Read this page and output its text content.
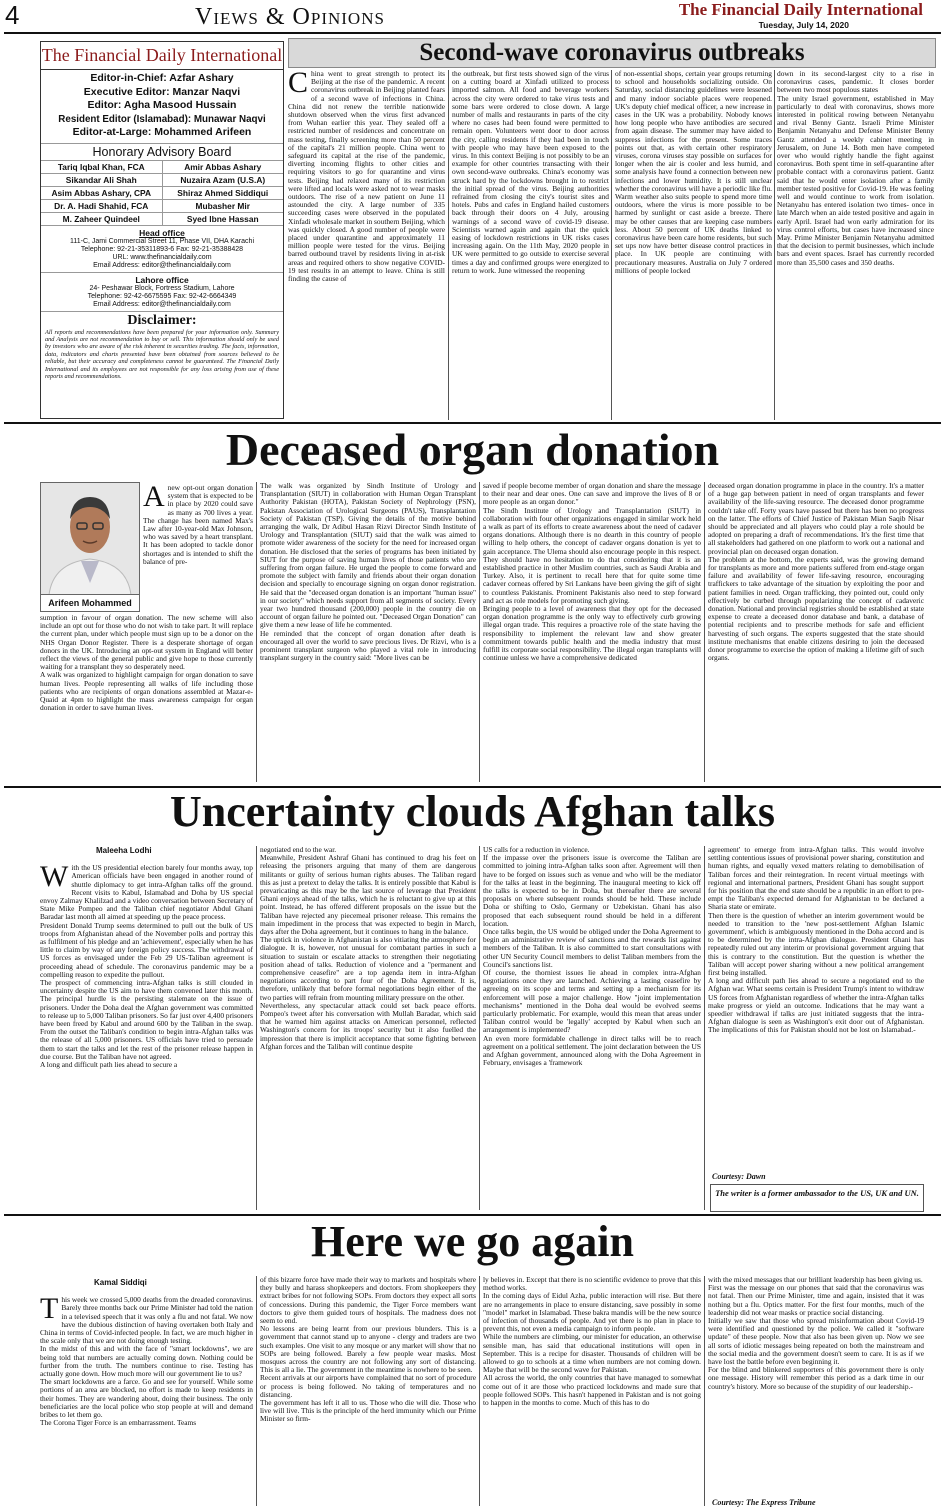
4	Views & Opinions	The Financial Daily International
Tuesday, July 14, 2020
The Financial Daily International
Editor-in-Chief: Azfar Ashary
Executive Editor: Manzar Naqvi
Editor: Agha Masood Hussain
Resident Editor (Islamabad): Munawar Naqvi
Editor-at-Large: Mohammed Arifeen
Honorary Advisory Board
Tariq Iqbal Khan, FCA
Sikandar Ali Shah
Asim Abbas Ashary, CPA
Dr. A. Hadi Shahid, FCA
M. Zaheer Quindeel
Amir Abbas Ashary
Nuzaira Azam (U.S.A)
Shiraz Ahmed Siddiqui
Mubasher Mir
Syed Ibne Hassan
Head office
111-C, Jami Commercial Street 11, Phase VII, DHA Karachi
Telephone: 92-21-35311893-6 Fax: 92-21-35388428
URL: www.thefinancialdaily.com
Email Address: editor@thefinancialdaily.com
Lahore office
24- Peshawar Block, Fortress Stadium, Lahore
Telephone: 92-42-6675595 Fax: 92-42-6664349
Email Address: editor@thefinancialdaily.com
Disclaimer:
All reports and recommendations have been prepared for your information only. Summary and Analysis are not recommendation to buy or sell. This information should only be used by investors who are aware of the risk inherent in securities trading. The facts, information, data, indicators and charts presented have been obtained from sources believed to be reliable, but their accuracy and completeness cannot be guaranteed. The Financial Daily International and its employees are not responsible for any loss arising from use of these reports and recommendations.
Second-wave coronavirus outbreaks
China went to great strength to protect its Beijing at the rise of the pandemic. A recent coronavirus outbreak in Beijing planted fears of a second wave of infections in China. China did not renew the terrible nationwide shutdown observed when the virus first advanced from Wuhan earlier this year. They sealed off a restricted number of residences and concentrate on mass testing, finally screening more than 50 percent of the capital's 21 million people. China went to safeguard its capital at the rise of the pandemic, diverting incoming flights to other cities and requiring visitors to go for quarantine and virus tests. Beijing had relaxed many of its restriction were lifted and locals were asked not to wear masks outdoors. The rise of a new patient on June 11 astounded the city. A large number of 335 succeeding cases were observed in the populated Xinfadi wholesale market in southern Beijing, which was quickly closed. A good number of people were placed under quarantine and approximately 11 million people were tested for the virus. Beijing barred outbound travel by residents living in at-risk areas and required others to show negative COVID-19 test results in an attempt to leave. China is still finding the cause of
the outbreak, but first tests showed sign of the virus on a cutting board at Xinfadi utilized to process imported salmon. All food and beverage workers across the city were ordered to take virus tests and some bars were ordered to close down. A large number of malls and restaurants in parts of the city where no cases had been found were permitted to remain open. Volunteers went door to door across the city, calling residents if they had been in touch with people who may have been exposed to the virus. In this context Beijing is not possibly to be an example for other countries transacting with their own second-wave outbreaks. China's economy was struck hard by the lockdowns brought in to restrict the initial spread of the virus. Beijing authorities refrained from closing the city's tourist sites and hotels. Pubs and cafes in England hailed customers back through their doors on 4 July, arousing warnings of a second wave of covid-19 disease. Scientists warned again and again that the quick easing of lockdown restrictions in UK risks cases increasing again. On the 11th May, 2020 people in UK were permitted to go outside to exercise several times a day and confirmed groups were energized to return to work. June witnessed the reopening
of non-essential shops, certain year groups returning to school and households socializing outside. On Saturday, social distancing guidelines were lessened and many indoor sociable places were reopened. UK's deputy chief medical officer, a new increase in cases in the UK was a probability. Nobody knows how long people who have antibodies are secured from again disease. The summer may have aided to suppress infections for the present. Some traces points out that, as with certain other respiratory viruses, corona viruses stay possible on surfaces for longer when the air is cooler and less humid, and some analysis have found a connection between new infections and lower humidity. It is still unclear whether the coronavirus will have a periodic like flu. Warm weather also suits people to spend more time outdoors, where the virus is more possible to be harmed by sunlight or cast aside a breeze. There may be other causes that are keeping case numbers less. About 50 percent of UK deaths linked to coronavirus have been care home residents, but such set ups now have better disease control practices in place. In UK people are continuing with precautionary measures. Australia on July 7 ordered millions of people locked
down in its second-largest city to a rise in coronavirus cases, pandemic. It closes border between two most populous states
The unity Israel government, established in May particularly to deal with coronavirus, shows more interested in political rowing between Netanyahu and rival Benny Gantz. Israeli Prime Minister Benjamin Netanyahu and Defense Minister Benny Gantz attended a weekly cabinet meeting in Jerusalem, on June 14. Both men have competed over who would rightly handle the fight against coronavirus. Both spent time in self-quarantine after probable contact with a coronavirus patient. Gantz said that he would enter isolation after a family member tested positive for Covid-19. He was feeling well and would continue to work from isolation. Netanyahu has entered isolation two times- once in late March when an aide tested positive and again in early April. Israel had won early admiration for its virus control efforts, but cases have increased since May. Prime Minister Benjamin Netanyahu admitted that the decision to permit businesses, which include bars and event spaces. Israel has currently recorded more than 35,500 cases and 350 deaths.
Deceased organ donation
Arifeen Mohammed
Anew opt-out organ donation system that is expected to be in place by 2020 could save as many as 700 lives a year. The change has been named Max's Law after 10-year-old Max Johnson, who was saved by a heart transplant. It has been adopted to tackle donor shortages and is intended to shift the balance of pre-
sumption in favour of organ donation. The new scheme will also include an opt out for those who do not wish to take part. It will replace the current plan, under which people must sign up to be a donor on the NHS Organ Donor Register. There is a desperate shortage of organ donors in the UK. Introducing an opt-out system in England will better reflect the views of the general public and give hope to those currently waiting for a transplant they so desperately need.
A walk was organized to highlight campaign for organ donation to save human lives. People representing all walks of life including those patients who are recipients of organ donations assembled at Mazar-e-Quaid at 4pm to highlight the mass awareness campaign for organ donation in order to save human lives.
The walk was organized by Sindh Institute of Urology and Transplantation (SIUT) in collaboration with Human Organ Transplant Authority Pakistan (HOTA), Pakistan Society of Nephrology (PSN), Pakistan Association of Urological Surgeons (PAUS), Transplantation Society of Pakistan (TSP). Giving the details of the motive behind arranging the walk, Dr Adibul Hasan Rizvi Director Sindh Institute of Urology and Transplantation (SIUT) said that the walk was aimed to promote wider awareness of the society for the need for increased organ donation. He disclosed that the series of programs has been initiated by SIUT for the purpose of saving human lives of those patients who are suffering from organ failure. He urged the people to come forward and promote the subject with family and friends about their organ donation decision and specially to encourage signing on organ donor registration. He said that the "deceased organ donation is an important "human issue" in our society" which needs support from all segments of society. Every year two hundred thousand (200,000) people in the country die on account of organ failure he pointed out. "Deceased Organ Donation" can give them a new lease of life he commented.
He reminded that the concept of organ donation after death is encouraged all over the world to save precious lives. Dr Rizvi, who is a prominent transplant surgeon who played a vital role in introducing transplant surgery in the country said: "More lives can be
saved if people become member of organ donation and share the message to their near and dear ones. One can save and improve the lives of 8 or more people as an organ donor."
The Sindh Institute of Urology and Transplantation (SIUT) in collaboration with four other organizations engaged in similar work held a walk as part of its efforts to create awareness about the need of cadaver organs donations. Although there is no dearth in this country of people willing to help others, the concept of cadaver organs donation is yet to gain acceptance. The Ulema should also encourage people in this respect. They should have no hesitation to do that considering that it is an established practice in other Muslim countries, such as Saudi Arabia and Turkey. Also, it is pertinent to recall here that for quite some time cadaver corneas offered by Sri Lankans have been giving the gift of sight to countless Pakistanis. Prominent Pakistanis also need to step forward and act as role models for promoting such giving.
Bringing people to a level of awareness that they opt for the deceased organ donation programme is the only way to effectively curb growing illegal organ trade. This requires a proactive role of the state having the responsibility to implement the relevant law and show greater commitment towards public health and the media industry that must fulfill its corporate social responsibility. The illegal organ transplants will continue unless we have a comprehensive dedicated
deceased organ donation programme in place in the country. It's a matter of a huge gap between patient in need of organ transplants and fewer availability of the life-saving resource. The deceased donor programme couldn't take off. Forty years have passed but there has been no progress on the latter. The efforts of Chief Justice of Pakistan Mian Saqib Nisar should be appreciated and all players who could play a role should be adopted on preparing a draft of recommendations. It's the first time that all stakeholders had gathered on one platform to work out a national and provincial plan on deceased organ donation.
The problem at the bottom, the experts said, was the growing demand for transplants as more and more patients suffered from end-stage organ failure and availability of fewer life-saving resource, encouraging traffickers to take advantage of the situation by exploiting the poor and patient families in need. Organ trafficking, they pointed out, could only effectively be curbed through popularizing the concept of cadaveric donation. National and provincial registries should be established at state expense to create a deceased donor database and bank, a database of potential recipients and to prescribe methods for safe and efficient harvesting of such organs. The experts suggested that the state should institute mechanisms that enable citizens desiring to join the deceased donor programme to exercise the option of making a lifetime gift of such organs.
Uncertainty clouds Afghan talks
Maleeha Lodhi

With the US presidential election barely four months away, top American officials have been engaged in another round of shuttle diplomacy to get intra-Afghan talks off the ground. Recent visits to Kabul, Islamabad and Doha by US special envoy Zalmay Khalilzad and a video conversation between Secretary of State Mike Pompeo and the Taliban chief negotiator Abdul Ghani Baradar last month all aimed at speeding up the peace process.
President Donald Trump seems determined to pull out the bulk of US troops from Afghanistan ahead of the November polls and portray this as fulfilment of his pledge and an 'achievement', especially when he has little to claim by way of any foreign policy success. The withdrawal of US forces as envisaged under the Feb 29 US-Taliban agreement is proceeding ahead of schedule. The coronavirus pandemic may be a compelling reason to expedite the pullout.
The prospect of commencing intra-Afghan talks is still clouded in uncertainty despite the US aim to have them convened later this month. The principal hurdle is the persisting stalemate on the issue of prisoners. Under the Doha deal the Afghan government was committed to release up to 5,000 Taliban prisoners. So far just over 4,400 prisoners have been freed by Kabul and around 600 by the Taliban in the swap. From the outset the Taliban's condition to begin intra-Afghan talks was the release of all 5,000 prisoners. US officials have tried to persuade them to start the talks and let the rest of the prisoner release happen in due course. But the Taliban have not agreed.
A long and difficult path lies ahead to secure a

negotiated end to the war.
Meanwhile, President Ashraf Ghani has continued to drag his feet on releasing the prisoners arguing that many of them are dangerous militants or guilty of serious human rights abuses. The Taliban regard this as just a pretext to delay the talks. It is entirely possible that Kabul is prevaricating as this may be the last source of leverage that President Ghani enjoys ahead of the talks, which he is reluctant to give up at this point. Instead, he has offered different proposals on the issue but the Taliban have rejected any piecemeal prisoner release. This remains the main impediment in the process that was expected to begin in March, days after the Doha agreement, but it continues to hang in the balance.
The uptick in violence in Afghanistan is also vitiating the atmosphere for dialogue. It is, however, not unusual for combatant parties in such a situation to sustain or escalate attacks to strengthen their negotiating position ahead of talks. Reduction of violence and a "permanent and comprehensive ceasefire" are a top agenda item in intra-Afghan negotiations according to part four of the Doha Agreement. It is, therefore, unlikely that before formal negotiations begin either of the two parties will refrain from mounting military pressure on the other.
Nevertheless, any spectacular attack could set back peace efforts. Pompeo's tweet after his conversation with Mullah Baradar, which said that he warned him against attacks on American personnel, reflected Washington's concern for its troops' security but it also fuelled the impression that there is implicit acceptance that some fighting between Afghan forces and the Taliban will continue despite
US calls for a reduction in violence.
If the impasse over the prisoners issue is overcome the Taliban are committed to joining intra-Afghan talks soon after. Agreement will then have to be forged on issues such as venue and who will be the mediator for the talks at least in the beginning. The inaugural meeting to kick off the talks is expected to be in Doha, but thereafter there are several proposals on where subsequent rounds should be held. These include Doha or shifting to Oslo, Germany or Uzbekistan. Ghani has also proposed that each subsequent round should be held in a different location.
Once talks begin, the US would be obliged under the Doha Agreement to begin an administrative review of sanctions and the rewards list against members of the Taliban. It is also committed to start consultations with other UN Security Council members to delist Taliban members from the Council's sanctions list.
Of course, the thorniest issues lie ahead in complex intra-Afghan negotiations once they are launched. Achieving a lasting ceasefire by agreeing on its scope and terms and setting up a mechanism for its enforcement will pose a major challenge. How "joint implementation mechanisms" mentioned in the Doha deal would be evolved seems particularly problematic. For example, would this mean that areas under Taliban control would be 'legally' accepted by Kabul when such an arrangement is implemented?
An even more formidable challenge in direct talks will be to reach agreement on a political settlement. The joint declaration between the US and Afghan government, announced along with the Doha Agreement in February, envisages a 'framework
agreement' to emerge from intra-Afghan talks. This would involve settling contentious issues of provisional power sharing, constitution and human rights, and equally vexed matters relating to demobilisation of Taliban forces and their reintegration. In recent virtual meetings with regional and international partners, President Ghani has sought support for his position that the end state should be a republic in an effort to pre-empt the Taliban's expected demand for Afghanistan to be declared a Sharia state or emirate.
Then there is the question of whether an interim government would be needed to transition to the 'new post-settlement Afghan Islamic government', which is ambiguously mentioned in the Doha accord and is to be determined by the intra-Afghan dialogue. President Ghani has repeatedly ruled out any interim or provisional government arguing that this is contrary to the constitution. But the question is whether the Taliban will accept power sharing without a new political arrangement first being installed.
A long and difficult path lies ahead to secure a negotiated end to the Afghan war. What seems certain is President Trump's intent to withdraw US forces from Afghanistan regardless of whether the intra-Afghan talks make progress or yield an outcome. Indications that he may want a speedier withdrawal if talks are just initiated suggests that the intra-Afghan dialogue is seen as Washington's exit door out of Afghanistan. The implications of this for Pakistan should not be lost on Islamabad.-
Courtesy: Dawn
The writer is a former ambassador to the US, UK and UN.
Here we go again
Kamal Siddiqi

This week we crossed 5,000 deaths from the dreaded coronavirus. Barely three months back our Prime Minister had told the nation in a televised speech that it was only a flu and not fatal. We now have the dubious distinction of having overtaken both Italy and China in terms of Covid-infected people. In fact, we are much higher in the scale only that we are not doing enough testing.
In the midst of this and with the face of "smart lockdowns", we are being told that numbers are actually coming down. Nothing could be further from the truth. The numbers continue to rise. Testing has actually gone down. How much more will our government lie to us?
The smart lockdowns are a farce. Go and see for yourself. While some portions of an area are blocked, no effort is made to keep residents in their homes. They are wandering about, doing their business. The only beneficiaries are the local police who stop people at will and demand bribes to let them go.
The Corona Tiger Force is an embarrassment. Teams

of this bizarre force have made their way to markets and hospitals where they bully and harass shopkeepers and doctors. From shopkeepers they extract bribes for not following SOPs. From doctors they expect all sorts of concessions. During this pandemic, the Tiger Force members want doctors to give them guided tours of hospitals. The madness does not seem to end.
No lessons are being learnt from our previous blunders. This is a government that cannot stand up to anyone - clergy and traders are two such examples. One visit to any mosque or any market will show that no SOPs are being followed. Barely a few people wear masks. Most mosques across the country are not following any sort of distancing. This is all a lie. The government in the meantime is nowhere to be seen.
Recent arrivals at our airports have complained that no sort of procedure or process is being followed. No taking of temperatures and no distancing.
The government has left it all to us. Those who die will die. Those who live will live. This is the principle of the herd immunity which our Prime Minister so firm-
ly believes in. Except that there is no scientific evidence to prove that this method works.
In the coming days of Eidul Azha, public interaction will rise. But there are no arrangements in place to ensure distancing, save possibly in some "model" market in Islamabad. These bakra mandis will be the new source of infection of thousands of people. And yet there is no plan in place to prevent this, not even a media campaign to inform people.
While the numbers are climbing, our minister for education, an otherwise sensible man, has said that educational institutions will open in September. This is a recipe for disaster. Thousands of children will be allowed to go to schools at a time when numbers are not coming down. Maybe that will be the second wave for Pakistan.
All across the world, the only countries that have managed to somewhat come out of it are those who practiced lockdowns and made sure that people followed SOPs. This hasn't happened in Pakistan and is not going to happen in the months to come. Much of this has to do
with the mixed messages that our brilliant leadership has been giving us.
First was the message on our phones that said that the coronavirus was not fatal. Then our Prime Minister, time and again, insisted that it was nothing but a flu. Optics matter. For the first four months, much of the leadership did not wear masks or practice social distancing.
Initially we saw that those who spread misinformation about Covid-19 were identified and questioned by the police. We called it "software update" of these people. Now that also has been given up. Now we see all sorts of idiotic messages being repeated on both the mainstream and the social media and the government doesn't seem to care. It is as if we have lost the battle before even beginning it.
For the blind and blinkered supporters of this government there is only one message. History will remember this period as a dark time in our country's history. More so because of the stupidity of our leadership.-
Courtesy: The Express Tribune
